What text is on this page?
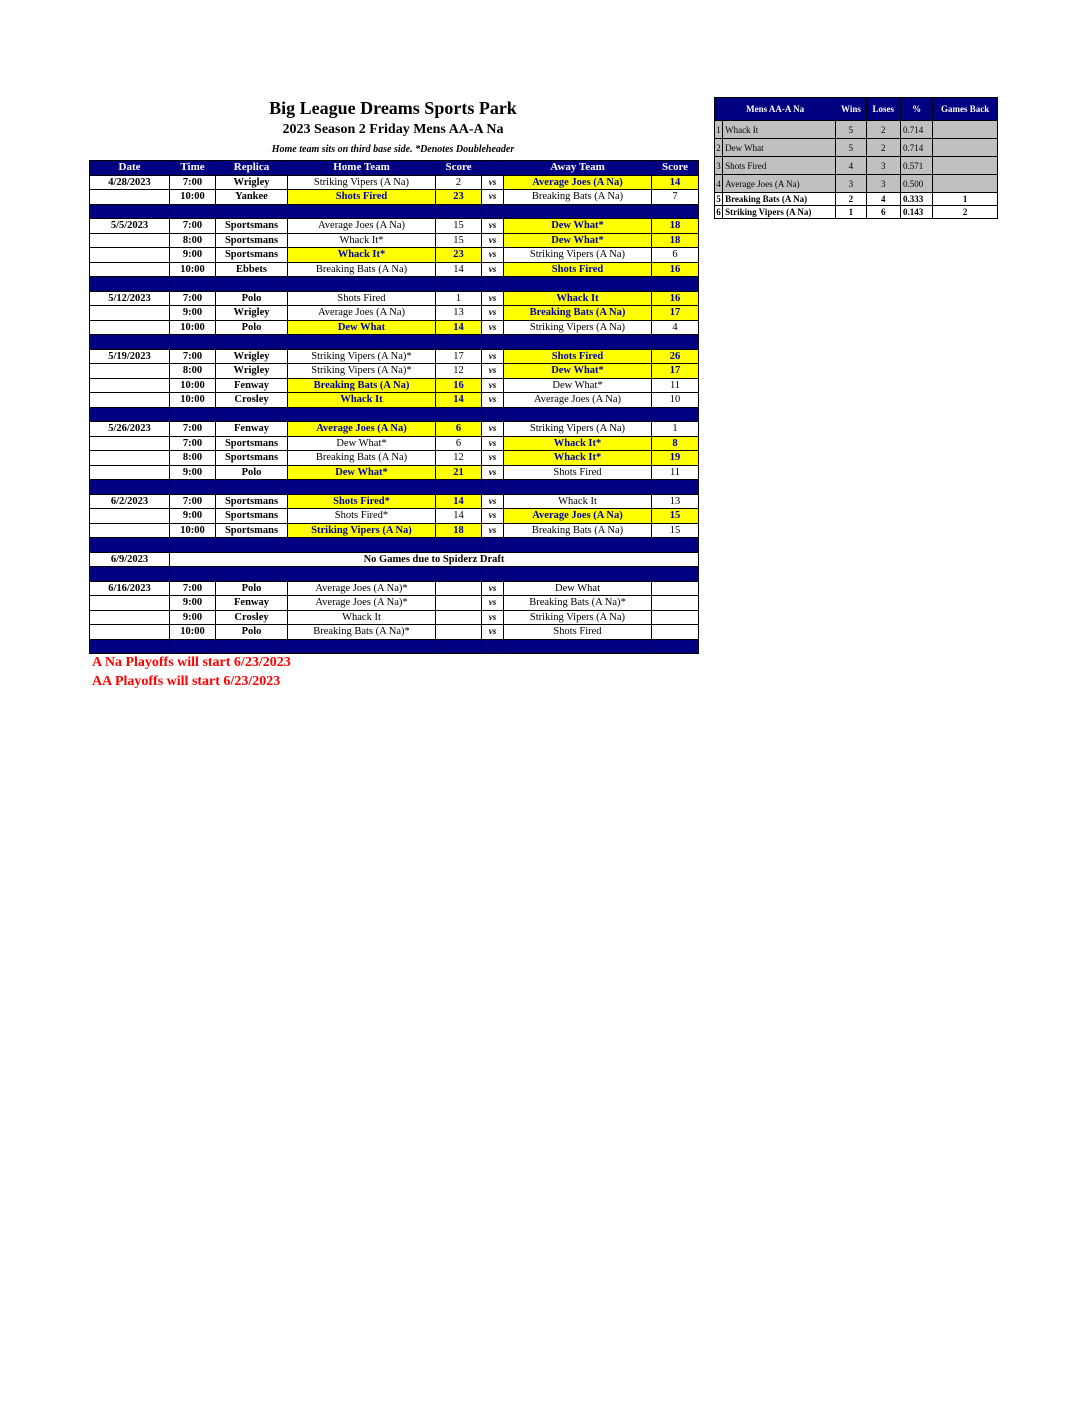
Big League Dreams Sports Park
2023 Season 2 Friday Mens AA-A Na
Home team sits on third base side. *Denotes Doubleheader
Date	Time	Replica	Home Team	Score		Away Team	Score
4/28/2023	7:00	Wrigley	Striking Vipers (A Na)	2	vs	Average Joes (A Na)	14
	10:00	Yankee	Shots Fired	23	vs	Breaking Bats (A Na)	7

5/5/2023	7:00	Sportsmans	Average Joes (A Na)	15	vs	Dew What*	18
	8:00	Sportsmans	Whack It*	15	vs	Dew What*	18
	9:00	Sportsmans	Whack It*	23	vs	Striking Vipers (A Na)	6
	10:00	Ebbets	Breaking Bats (A Na)	14	vs	Shots Fired	16

5/12/2023	7:00	Polo	Shots Fired	1	vs	Whack It	16
	9:00	Wrigley	Average Joes (A Na)	13	vs	Breaking Bats (A Na)	17
	10:00	Polo	Dew What	14	vs	Striking Vipers (A Na)	4

5/19/2023	7:00	Wrigley	Striking Vipers (A Na)*	17	vs	Shots Fired	26
	8:00	Wrigley	Striking Vipers (A Na)*	12	vs	Dew What*	17
	10:00	Fenway	Breaking Bats (A Na)	16	vs	Dew What*	11
	10:00	Crosley	Whack It	14	vs	Average Joes (A Na)	10

5/26/2023	7:00	Fenway	Average Joes (A Na)	6	vs	Striking Vipers (A Na)	1
	7:00	Sportsmans	Dew What*	6	vs	Whack It*	8
	8:00	Sportsmans	Breaking Bats (A Na)	12	vs	Whack It*	19
	9:00	Polo	Dew What*	21	vs	Shots Fired	11

6/2/2023	7:00	Sportsmans	Shots Fired*	14	vs	Whack It	13
	9:00	Sportsmans	Shots Fired*	14	vs	Average Joes (A Na)	15
	10:00	Sportsmans	Striking Vipers (A Na)	18	vs	Breaking Bats (A Na)	15

6/9/2023	No Games due to Spiderz Draft						

6/16/2023	7:00	Polo	Average Joes (A Na)*		vs	Dew What	
	9:00	Fenway	Average Joes (A Na)*		vs	Breaking Bats (A Na)*	
	9:00	Crosley	Whack It		vs	Striking Vipers (A Na)	
	10:00	Polo	Breaking Bats (A Na)*		vs	Shots Fired	

Mens AA-A Na		Wins	Loses	%	Games Back
1	Whack It	5	2	0.714	
2	Dew What	5	2	0.714	
3	Shots Fired	4	3	0.571	
4	Average Joes (A Na)	3	3	0.500	
5	Breaking Bats (A Na)	2	4	0.333	1
6	Striking Vipers (A Na)	1	6	0.143	2
A Na Playoffs will start 6/23/2023
AA Playoffs will start 6/23/2023
